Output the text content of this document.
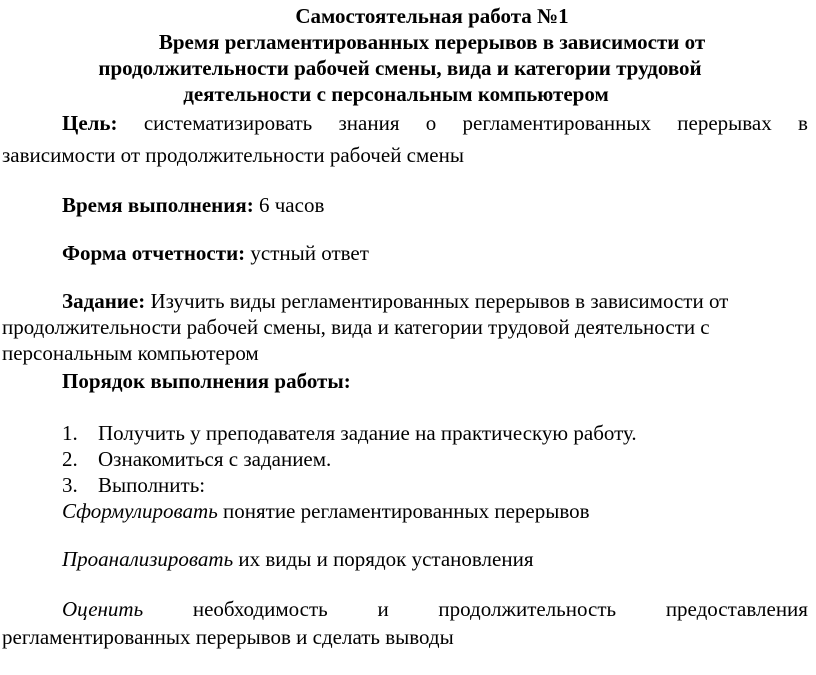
Самостоятельная работа №1
Время регламентированных перерывов в зависимости от
продолжительности рабочей смены, вида и категории трудовой
деятельности с персональным компьютером
Цель: систематизировать знания о регламентированных перерывах в
зависимости от продолжительности рабочей смены
Время выполнения: 6 часов
Форма отчетности: устный ответ
Задание: Изучить виды регламентированных перерывов в зависимости от
продолжительности рабочей смены, вида и категории трудовой деятельности с
персональным компьютером
Порядок выполнения работы:
1. Получить у преподавателя задание на практическую работу.
2. Ознакомиться с заданием.
3. Выполнить:
Сформулировать понятие регламентированных перерывов
Проанализировать их виды и порядок установления
Оценить необходимость и продолжительность предоставления
регламентированных перерывов и сделать выводы
